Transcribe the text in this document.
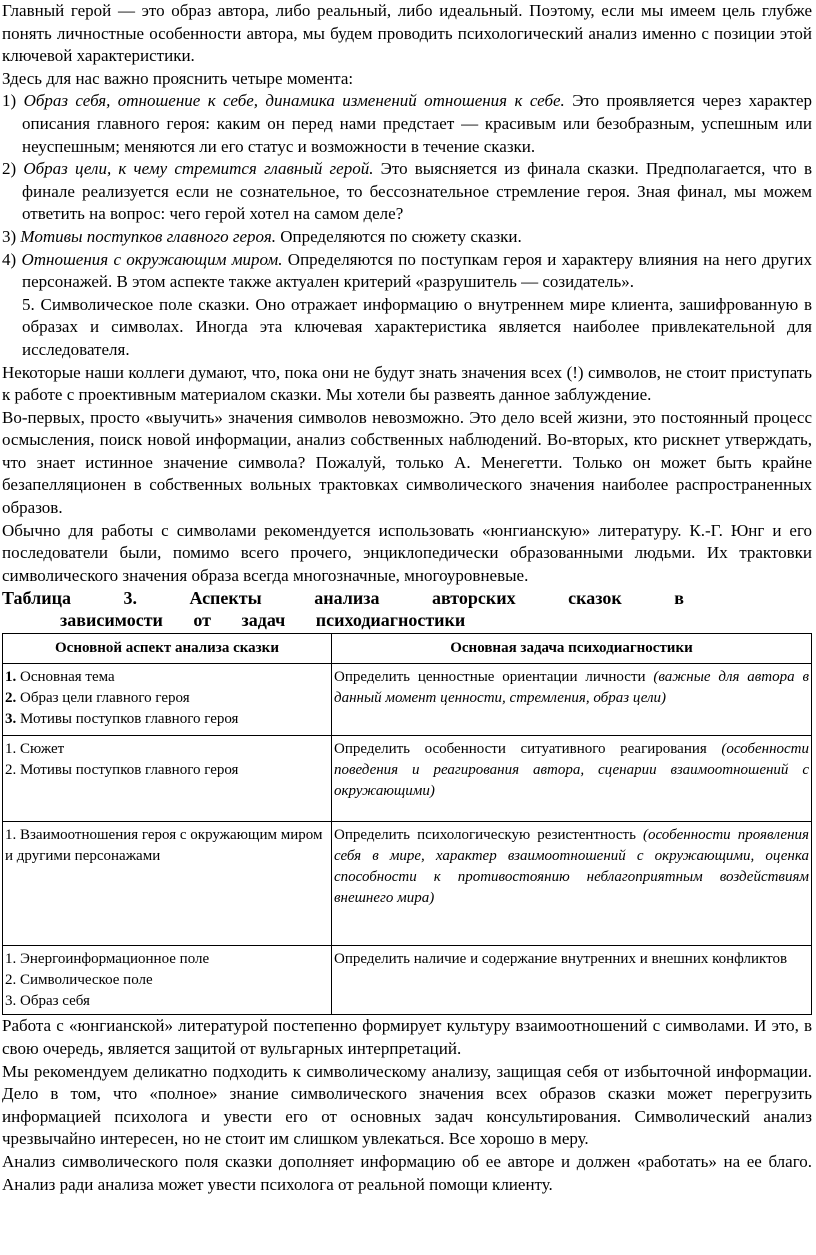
Главный герой — это образ автора, либо реальный, либо идеальный. Поэтому, если мы имеем цель глубже понять личностные особенности автора, мы будем проводить психологический анализ именно с позиции этой ключевой характеристики.

Здесь для нас важно прояснить четыре момента:

1) Образ себя, отношение к себе, динамика изменений отношения к себе. Это проявляется через характер описания главного героя: каким он перед нами предстает — красивым или безобразным, успешным или неуспешным; меняются ли его статус и возможности в течение сказки.
2) Образ цели, к чему стремится главный герой. Это выясняется из финала сказки. Предполагается, что в финале реализуется если не сознательное, то бессознательное стремление героя. Зная финал, мы можем ответить на вопрос: чего герой хотел на самом деле?
3) Мотивы поступков главного героя. Определяются по сюжету сказки.
4) Отношения с окружающим миром. Определяются по поступкам героя и характеру влияния на него других персонажей. В этом аспекте также актуален критерий «разрушитель — созидатель».
5. Символическое поле сказки. Оно отражает информацию о внутреннем мире клиента, зашифрованную в образах и символах. Иногда эта ключевая характеристика является наиболее привлекательной для исследователя.

Некоторые наши коллеги думают, что, пока они не будут знать значения всех (!) символов, не стоит приступать к работе с проективным материалом сказки. Мы хотели бы развеять данное заблуждение.

Во-первых, просто «выучить» значения символов невозможно. Это дело всей жизни, это постоянный процесс осмысления, поиск новой информации, анализ собственных наблюдений. Во-вторых, кто рискнет утверждать, что знает истинное значение символа? Пожалуй, только А. Менегетти. Только он может быть крайне безапелляционен в собственных вольных трактовках символического значения наиболее распространенных образов.

Обычно для работы с символами рекомендуется использовать «юнгианскую» литературу. К.-Г. Юнг и его последователи были, помимо всего прочего, энциклопедически образованными людьми. Их трактовки символического значения образа всегда многозначные, многоуровневые.

Таблица	3.	Аспекты	анализа	авторских	сказок	в
зависимости от задач психодиагностики
Основной аспект анализа сказки	Основная задача психодиагностики

1. Основная тема
2. Образ цели главного героя
3. Мотивы поступков главного героя	Определить ценностные ориентации личности (важные для автора в данный момент ценности, стремления, образ цели)

1. Сюжет
2. Мотивы поступков главного героя	Определить особенности ситуативного реагирования (особенности поведения и реагирования автора, сценарии взаимоотношений с окружающими)

1. Взаимоотношения героя с окружающим миром и другими персонажами	Определить психологическую резистентность (особенности проявления себя в мире, характер взаимоотношений с окружающими, оценка способности к противостоянию неблагоприятным воздействиям внешнего мира)

1. Энергоинформационное поле
2. Символическое поле
3. Образ себя	Определить наличие и содержание внутренних и внешних конфликтов

Работа с «юнгианской» литературой постепенно формирует культуру взаимоотношений с символами. И это, в свою очередь, является защитой от вульгарных интерпретаций.

Мы рекомендуем деликатно подходить к символическому анализу, защищая себя от избыточной информации. Дело в том, что «полное» знание символического значения всех образов сказки может перегрузить информацией психолога и увести его от основных задач консультирования. Символический анализ чрезвычайно интересен, но не стоит им слишком увлекаться. Все хорошо в меру.

Анализ символического поля сказки дополняет информацию об ее авторе и должен «работать» на ее благо. Анализ ради анализа может увести психолога от реальной помощи клиенту.
